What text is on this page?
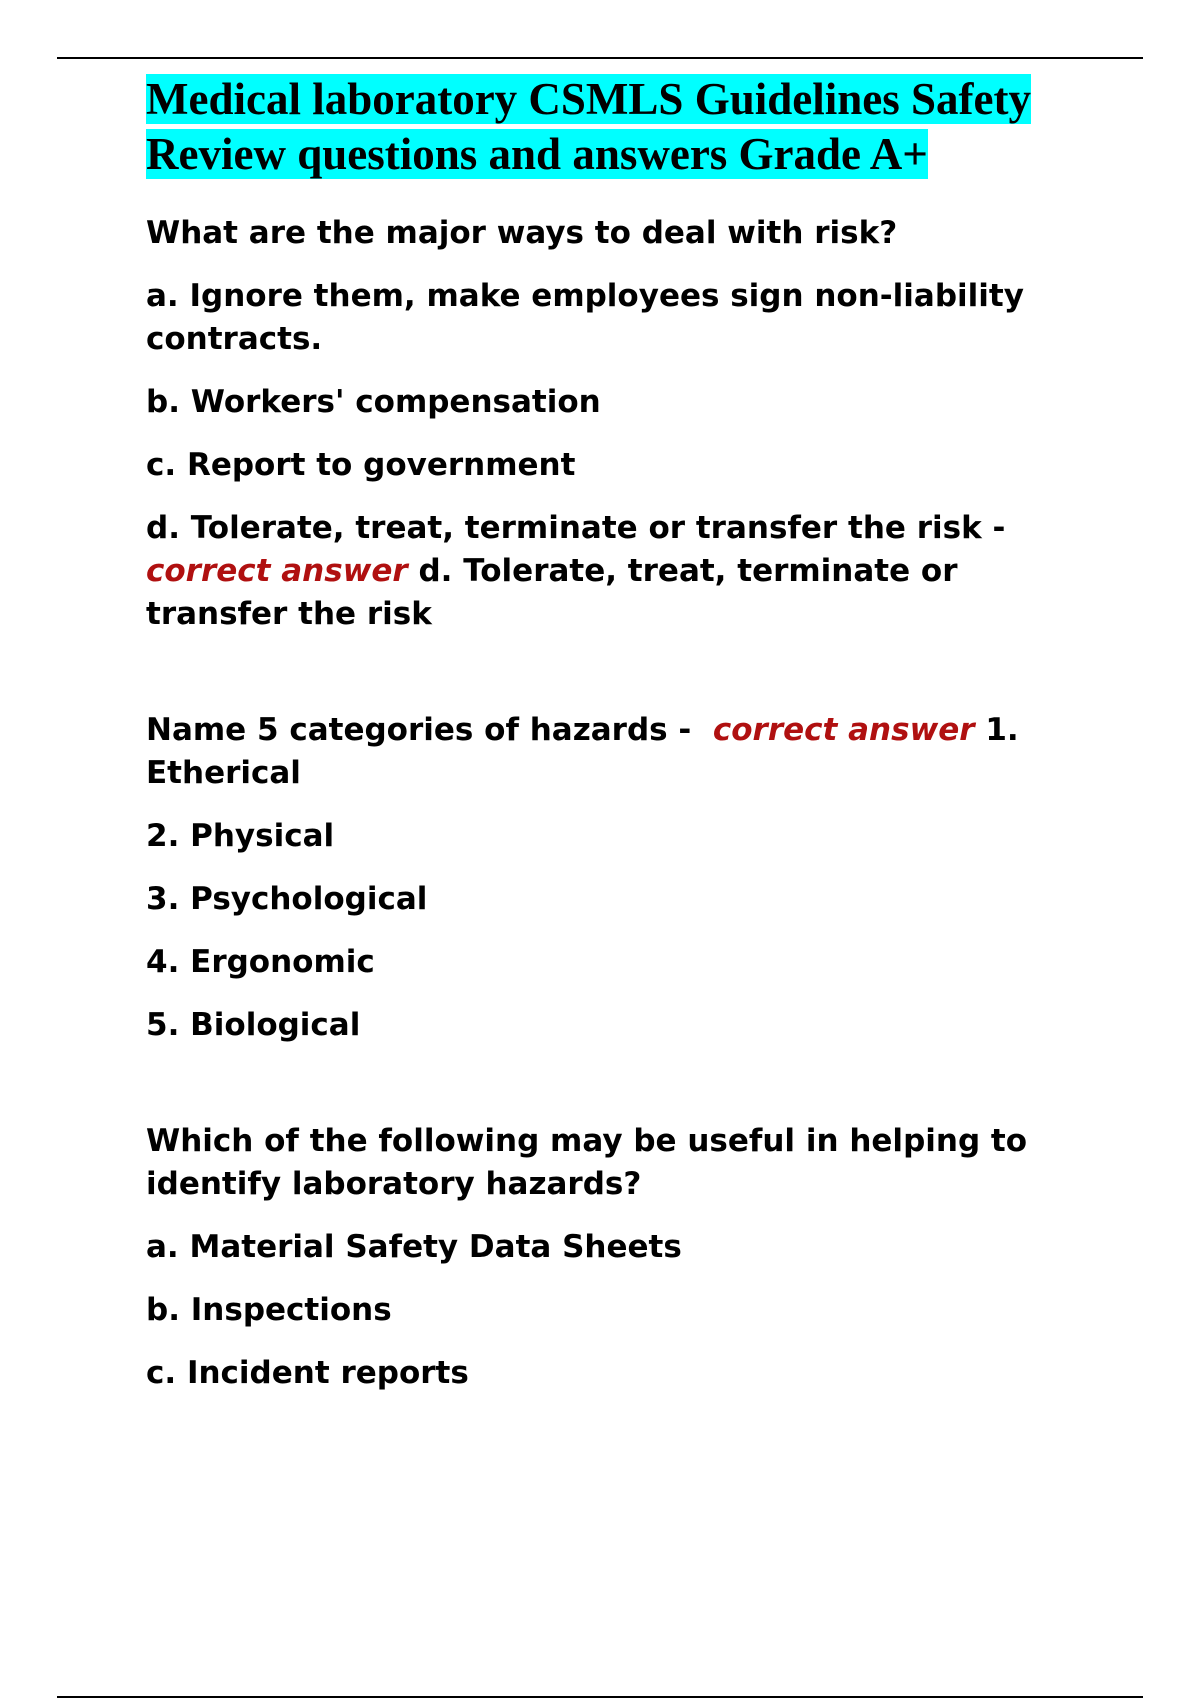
Medical laboratory CSMLS Guidelines Safety Review questions and answers Grade A+

What are the major ways to deal with risk?

a. Ignore them, make employees sign non-liability contracts.

b. Workers' compensation

c. Report to government

d. Tolerate, treat, terminate or transfer the risk - correct answer d. Tolerate, treat, terminate or transfer the risk

Name 5 categories of hazards - correct answer 1. Etherical

2. Physical

3. Psychological

4. Ergonomic

5. Biological

Which of the following may be useful in helping to identify laboratory hazards?

a. Material Safety Data Sheets

b. Inspections

c. Incident reports
